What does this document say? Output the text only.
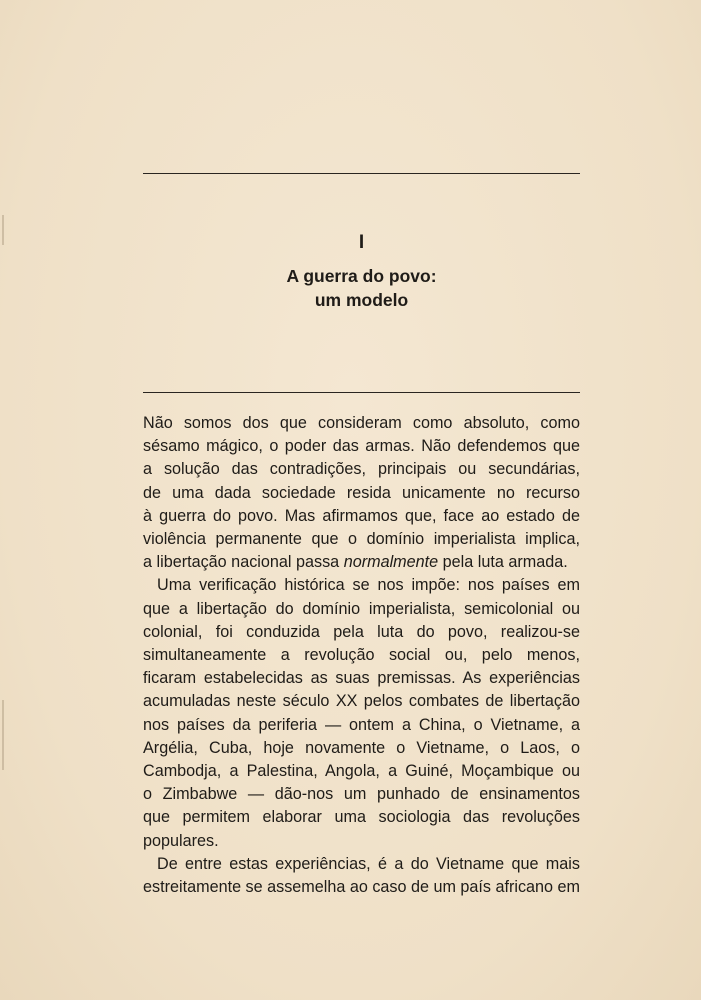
I
A guerra do povo:
um modelo

Não somos dos que consideram como absoluto, como
sésamo mágico, o poder das armas. Não defendemos que
a solução das contradições, principais ou secundárias,
de uma dada sociedade resida unicamente no recurso
à guerra do povo. Mas afirmamos que, face ao estado de
violência permanente que o domínio imperialista implica,
a libertação nacional passa normalmente pela luta armada.

Uma verificação histórica se nos impõe: nos países em
que a libertação do domínio imperialista, semicolonial ou
colonial, foi conduzida pela luta do povo, realizou-se
simultaneamente a revolução social ou, pelo menos,
ficaram estabelecidas as suas premissas. As experiências
acumuladas neste século XX pelos combates de libertação
nos países da periferia — ontem a China, o Vietname, a
Argélia, Cuba, hoje novamente o Vietname, o Laos, o
Cambodja, a Palestina, Angola, a Guiné, Moçambique ou
o Zimbabwe — dão-nos um punhado de ensinamentos
que permitem elaborar uma sociologia das revoluções
populares.

De entre estas experiências, é a do Vietname que mais
estreitamente se assemelha ao caso de um país africano em
